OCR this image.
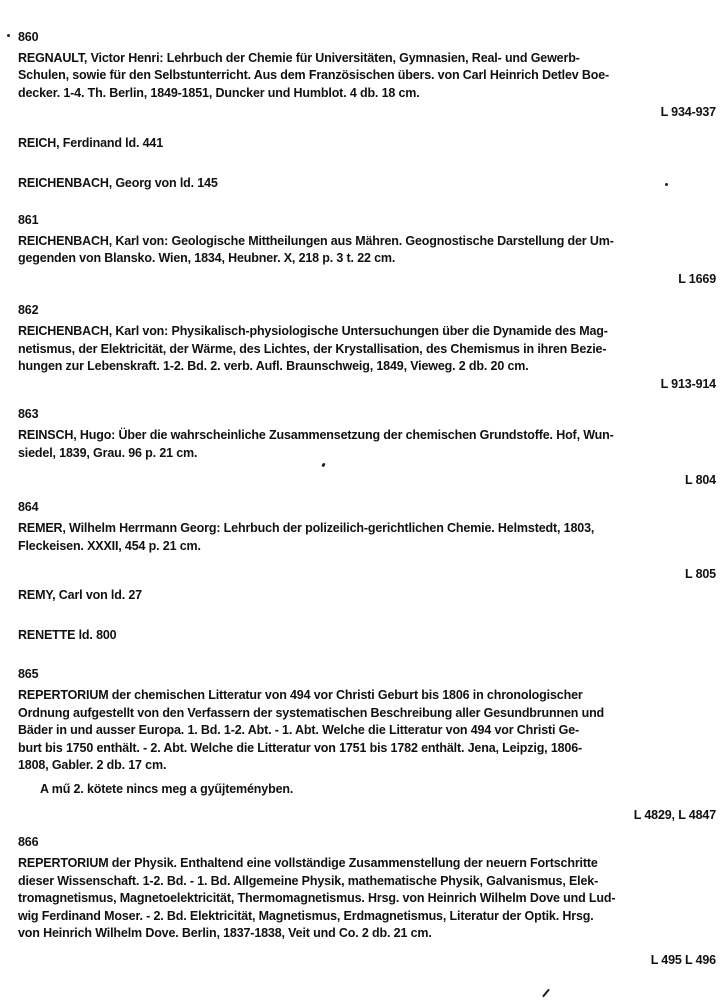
860
REGNAULT, Victor Henri: Lehrbuch der Chemie für Universitäten, Gymnasien, Real- und Gewerb-
Schulen, sowie für den Selbstunterricht. Aus dem Französischen übers. von Carl Heinrich Detlev Boe-
decker. 1-4. Th. Berlin, 1849-1851, Duncker und Humblot. 4 db. 18 cm.
L 934-937
REICH, Ferdinand ld. 441
REICHENBACH, Georg von ld. 145
861
REICHENBACH, Karl von: Geologische Mittheilungen aus Mähren. Geognostische Darstellung der Um-
gegenden von Blansko. Wien, 1834, Heubner. X, 218 p. 3 t. 22 cm.
L 1669
862
REICHENBACH, Karl von: Physikalisch-physiologische Untersuchungen über die Dynamide des Mag-
netismus, der Elektricität, der Wärme, des Lichtes, der Krystallisation, des Chemismus in ihren Bezie-
hungen zur Lebenskraft. 1-2. Bd. 2. verb. Aufl. Braunschweig, 1849, Vieweg. 2 db. 20 cm.
L 913-914
863
REINSCH, Hugo: Über die wahrscheinliche Zusammensetzung der chemischen Grundstoffe. Hof, Wun-
siedel, 1839, Grau. 96 p. 21 cm.
L 804
864
REMER, Wilhelm Herrmann Georg: Lehrbuch der polizeilich-gerichtlichen Chemie. Helmstedt, 1803,
Fleckeisen. XXXII, 454 p. 21 cm.
L 805
REMY, Carl von ld. 27
RENETTE ld. 800
865
REPERTORIUM der chemischen Litteratur von 494 vor Christi Geburt bis 1806 in chronologischer
Ordnung aufgestellt von den Verfassern der systematischen Beschreibung aller Gesundbrunnen und
Bäder in und ausser Europa. 1. Bd. 1-2. Abt. - 1. Abt. Welche die Litteratur von 494 vor Christi Ge-
burt bis 1750 enthält. - 2. Abt. Welche die Litteratur von 1751 bis 1782 enthält. Jena, Leipzig, 1806-
1808, Gabler. 2 db. 17 cm.
A mű 2. kötete nincs meg a gyűjteményben.
L 4829, L 4847
866
REPERTORIUM der Physik. Enthaltend eine vollständige Zusammenstellung der neuern Fortschritte
dieser Wissenschaft. 1-2. Bd. - 1. Bd. Allgemeine Physik, mathematische Physik, Galvanismus, Elek-
tromagnetismus, Magnetoelektricität, Thermomagnetismus. Hrsg. von Heinrich Wilhelm Dove und Lud-
wig Ferdinand Moser. - 2. Bd. Elektricität, Magnetismus, Erdmagnetismus, Literatur der Optik. Hrsg.
von Heinrich Wilhelm Dove. Berlin, 1837-1838, Veit und Co. 2 db. 21 cm.
L 495 L 496
